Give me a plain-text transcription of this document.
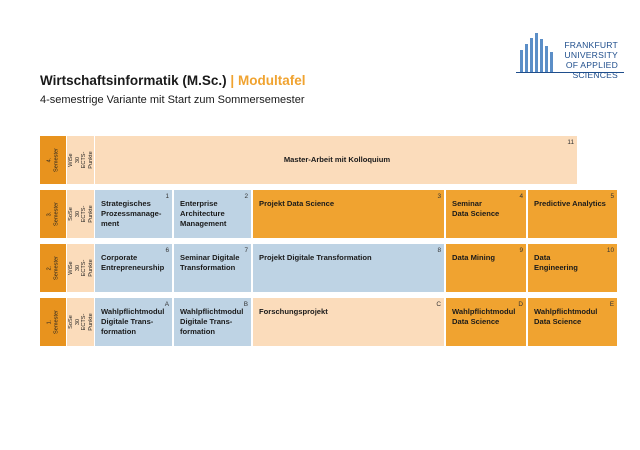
FRANKFURT
UNIVERSITY
OF APPLIED SCIENCES
Wirtschaftsinformatik (M.Sc.) | Modultafel
4-semestrige Variante mit Start zum Sommersemester
4.
Semester WiSe
30 ECTS-Punkte
11
Master-Arbeit mit Kolloquium
3.
Semester SoSe
30 ECTS-Punkte
1
Strategisches
Prozessmanage-
ment
2
Enterprise
Architecture
Management
3
Projekt Data Science
4
Seminar
Data Science
5
Predictive Analytics
2.
Semester WiSe
30 ECTS-Punkte
6
Corporate
Entrepreneurship
7
Seminar Digitale
Transformation
8
Projekt Digitale Transformation
9
Data Mining
10
Data
Engineering
1.
Semester SoSe
30 ECTS-Punkte
A
Wahlpflichtmodul
Digitale Trans-
formation
B
Wahlpflichtmodul
Digitale Trans-
formation
C
Forschungsprojekt
D
Wahlpflichtmodul
Data Science
E
Wahlpflichtmodul
Data Science
